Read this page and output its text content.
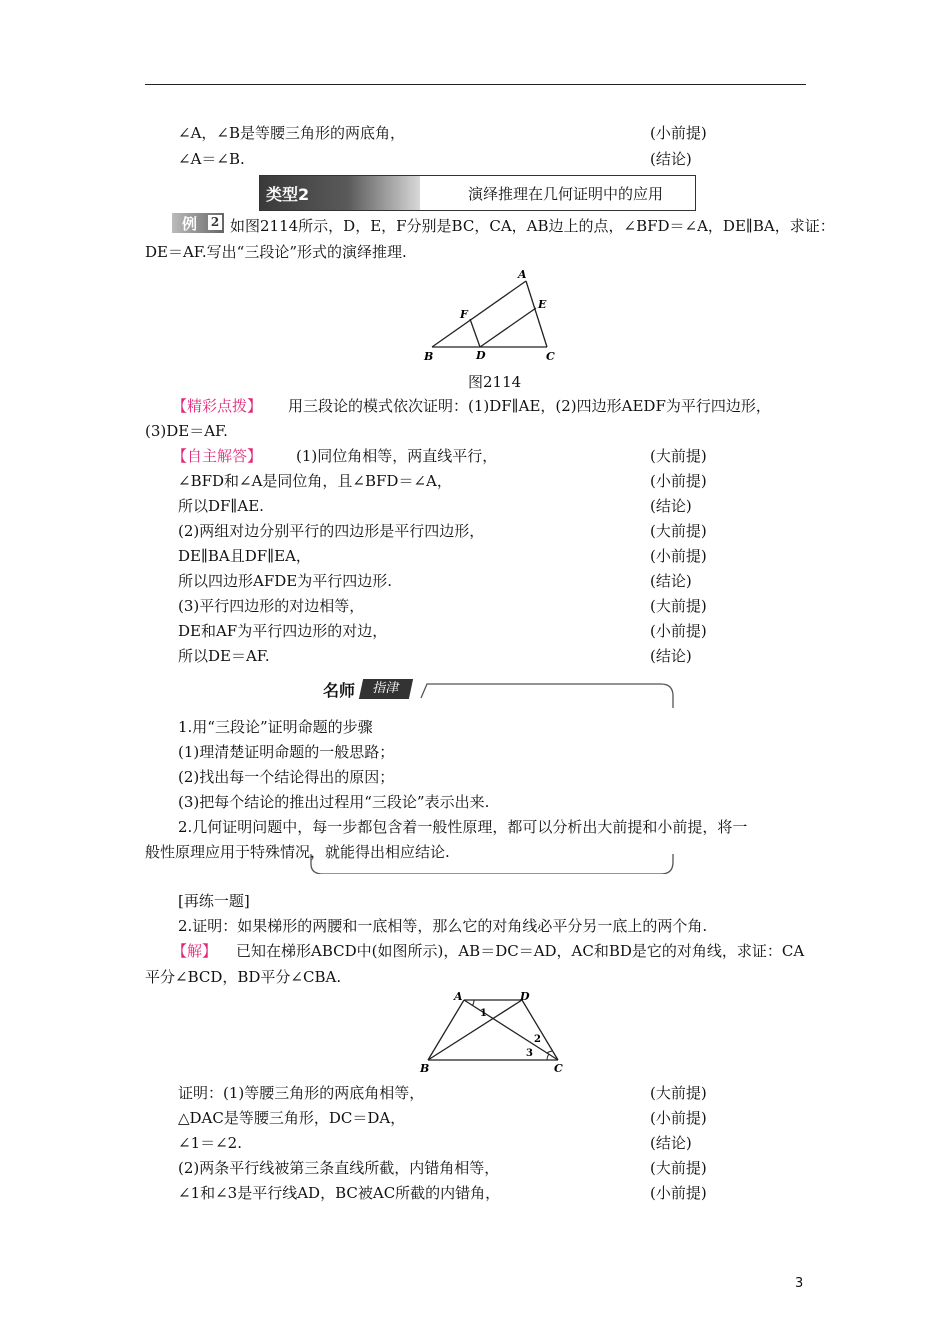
∠A，∠B是等腰三角形的两底角，	(小前提)
∠A＝∠B.	(结论)
类型2	演绎推理在几何证明中的应用
例 2 如图2114所示，D，E，F分别是BC，CA，AB边上的点，∠BFD＝∠A，DE∥BA，求证：
DE＝AF.写出“三段论”形式的演绎推理.
A
B	C
D
E
F
图2114
【精彩点拨】 用三段论的模式依次证明：(1)DF∥AE，(2)四边形AEDF为平行四边形，
(3)DE＝AF.
【自主解答】 (1)同位角相等，两直线平行，	(大前提)
∠BFD和∠A是同位角，且∠BFD＝∠A，	(小前提)
所以DF∥AE.	(结论)
(2)两组对边分别平行的四边形是平行四边形，	(大前提)
DE∥BA且DF∥EA，	(小前提)
所以四边形AFDE为平行四边形.	(结论)
(3)平行四边形的对边相等，	(大前提)
DE和AF为平行四边形的对边，	(小前提)
所以DE＝AF.	(结论)
名师	指津
1.用“三段论”证明命题的步骤
(1)理清楚证明命题的一般思路；
(2)找出每一个结论得出的原因；
(3)把每个结论的推出过程用“三段论”表示出来.
2.几何证明问题中，每一步都包含着一般性原理，都可以分析出大前提和小前提，将一
般性原理应用于特殊情况，就能得出相应结论.
[再练一题]
2.证明：如果梯形的两腰和一底相等，那么它的对角线必平分另一底上的两个角.
【解】 已知在梯形ABCD中(如图所示)，AB＝DC＝AD，AC和BD是它的对角线，求证：CA
平分∠BCD，BD平分∠CBA.
A	D
B	C
1
2
3
证明：(1)等腰三角形的两底角相等，	(大前提)
△DAC是等腰三角形，DC＝DA，	(小前提)
∠1＝∠2.	(结论)
(2)两条平行线被第三条直线所截，内错角相等，	(大前提)
∠1和∠3是平行线AD，BC被AC所截的内错角，	(小前提)
3
